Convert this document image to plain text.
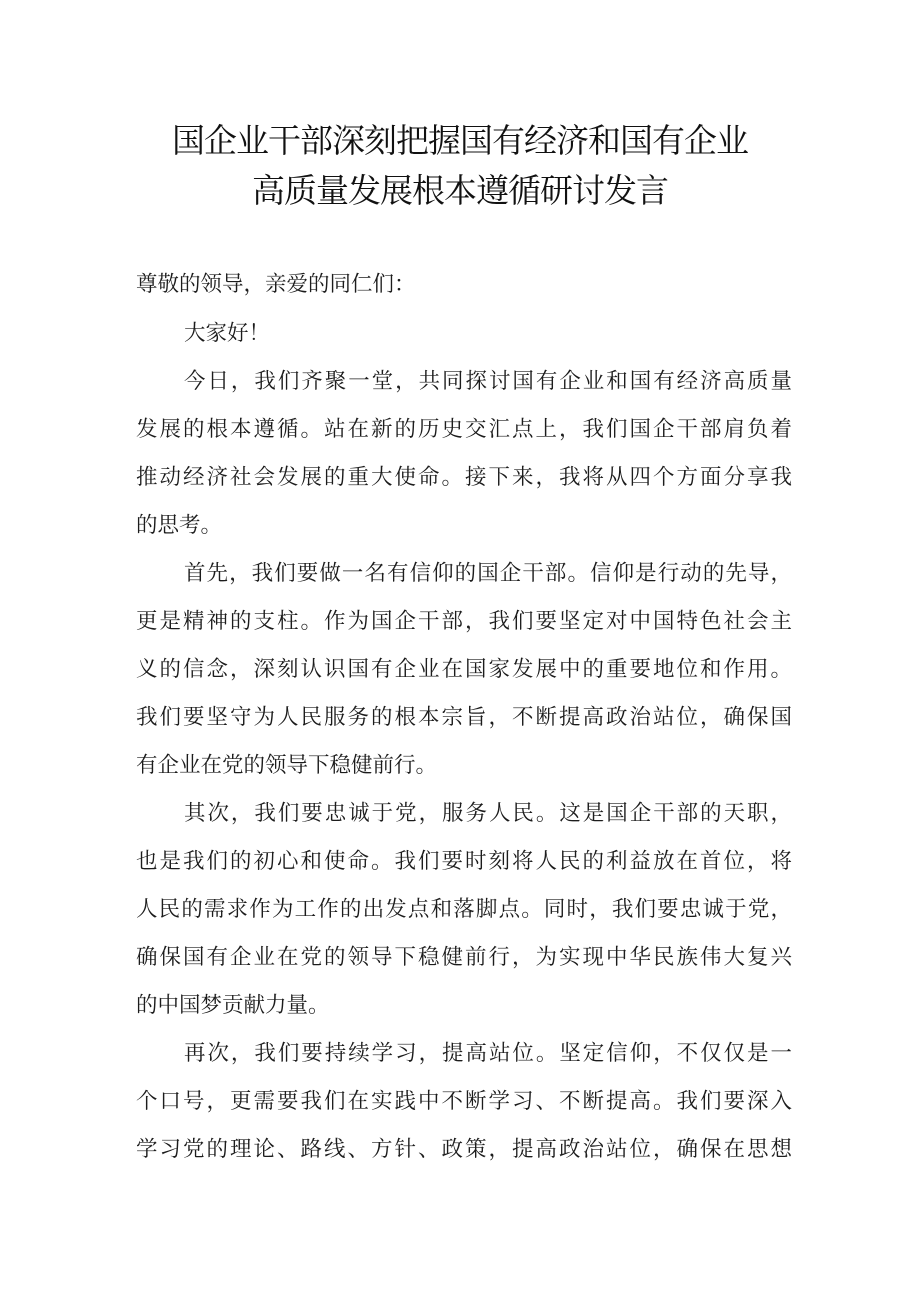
国企业干部深刻把握国有经济和国有企业
高质量发展根本遵循研讨发言
尊敬的领导，亲爱的同仁们：
大家好！
今日，我们齐聚一堂，共同探讨国有企业和国有经济高质量
发展的根本遵循。站在新的历史交汇点上，我们国企干部肩负着
推动经济社会发展的重大使命。接下来，我将从四个方面分享我
的思考。
首先，我们要做一名有信仰的国企干部。信仰是行动的先导，
更是精神的支柱。作为国企干部，我们要坚定对中国特色社会主
义的信念，深刻认识国有企业在国家发展中的重要地位和作用。
我们要坚守为人民服务的根本宗旨，不断提高政治站位，确保国
有企业在党的领导下稳健前行。
其次，我们要忠诚于党，服务人民。这是国企干部的天职，
也是我们的初心和使命。我们要时刻将人民的利益放在首位，将
人民的需求作为工作的出发点和落脚点。同时，我们要忠诚于党，
确保国有企业在党的领导下稳健前行，为实现中华民族伟大复兴
的中国梦贡献力量。
再次，我们要持续学习，提高站位。坚定信仰，不仅仅是一
个口号，更需要我们在实践中不断学习、不断提高。我们要深入
学习党的理论、路线、方针、政策，提高政治站位，确保在思想
